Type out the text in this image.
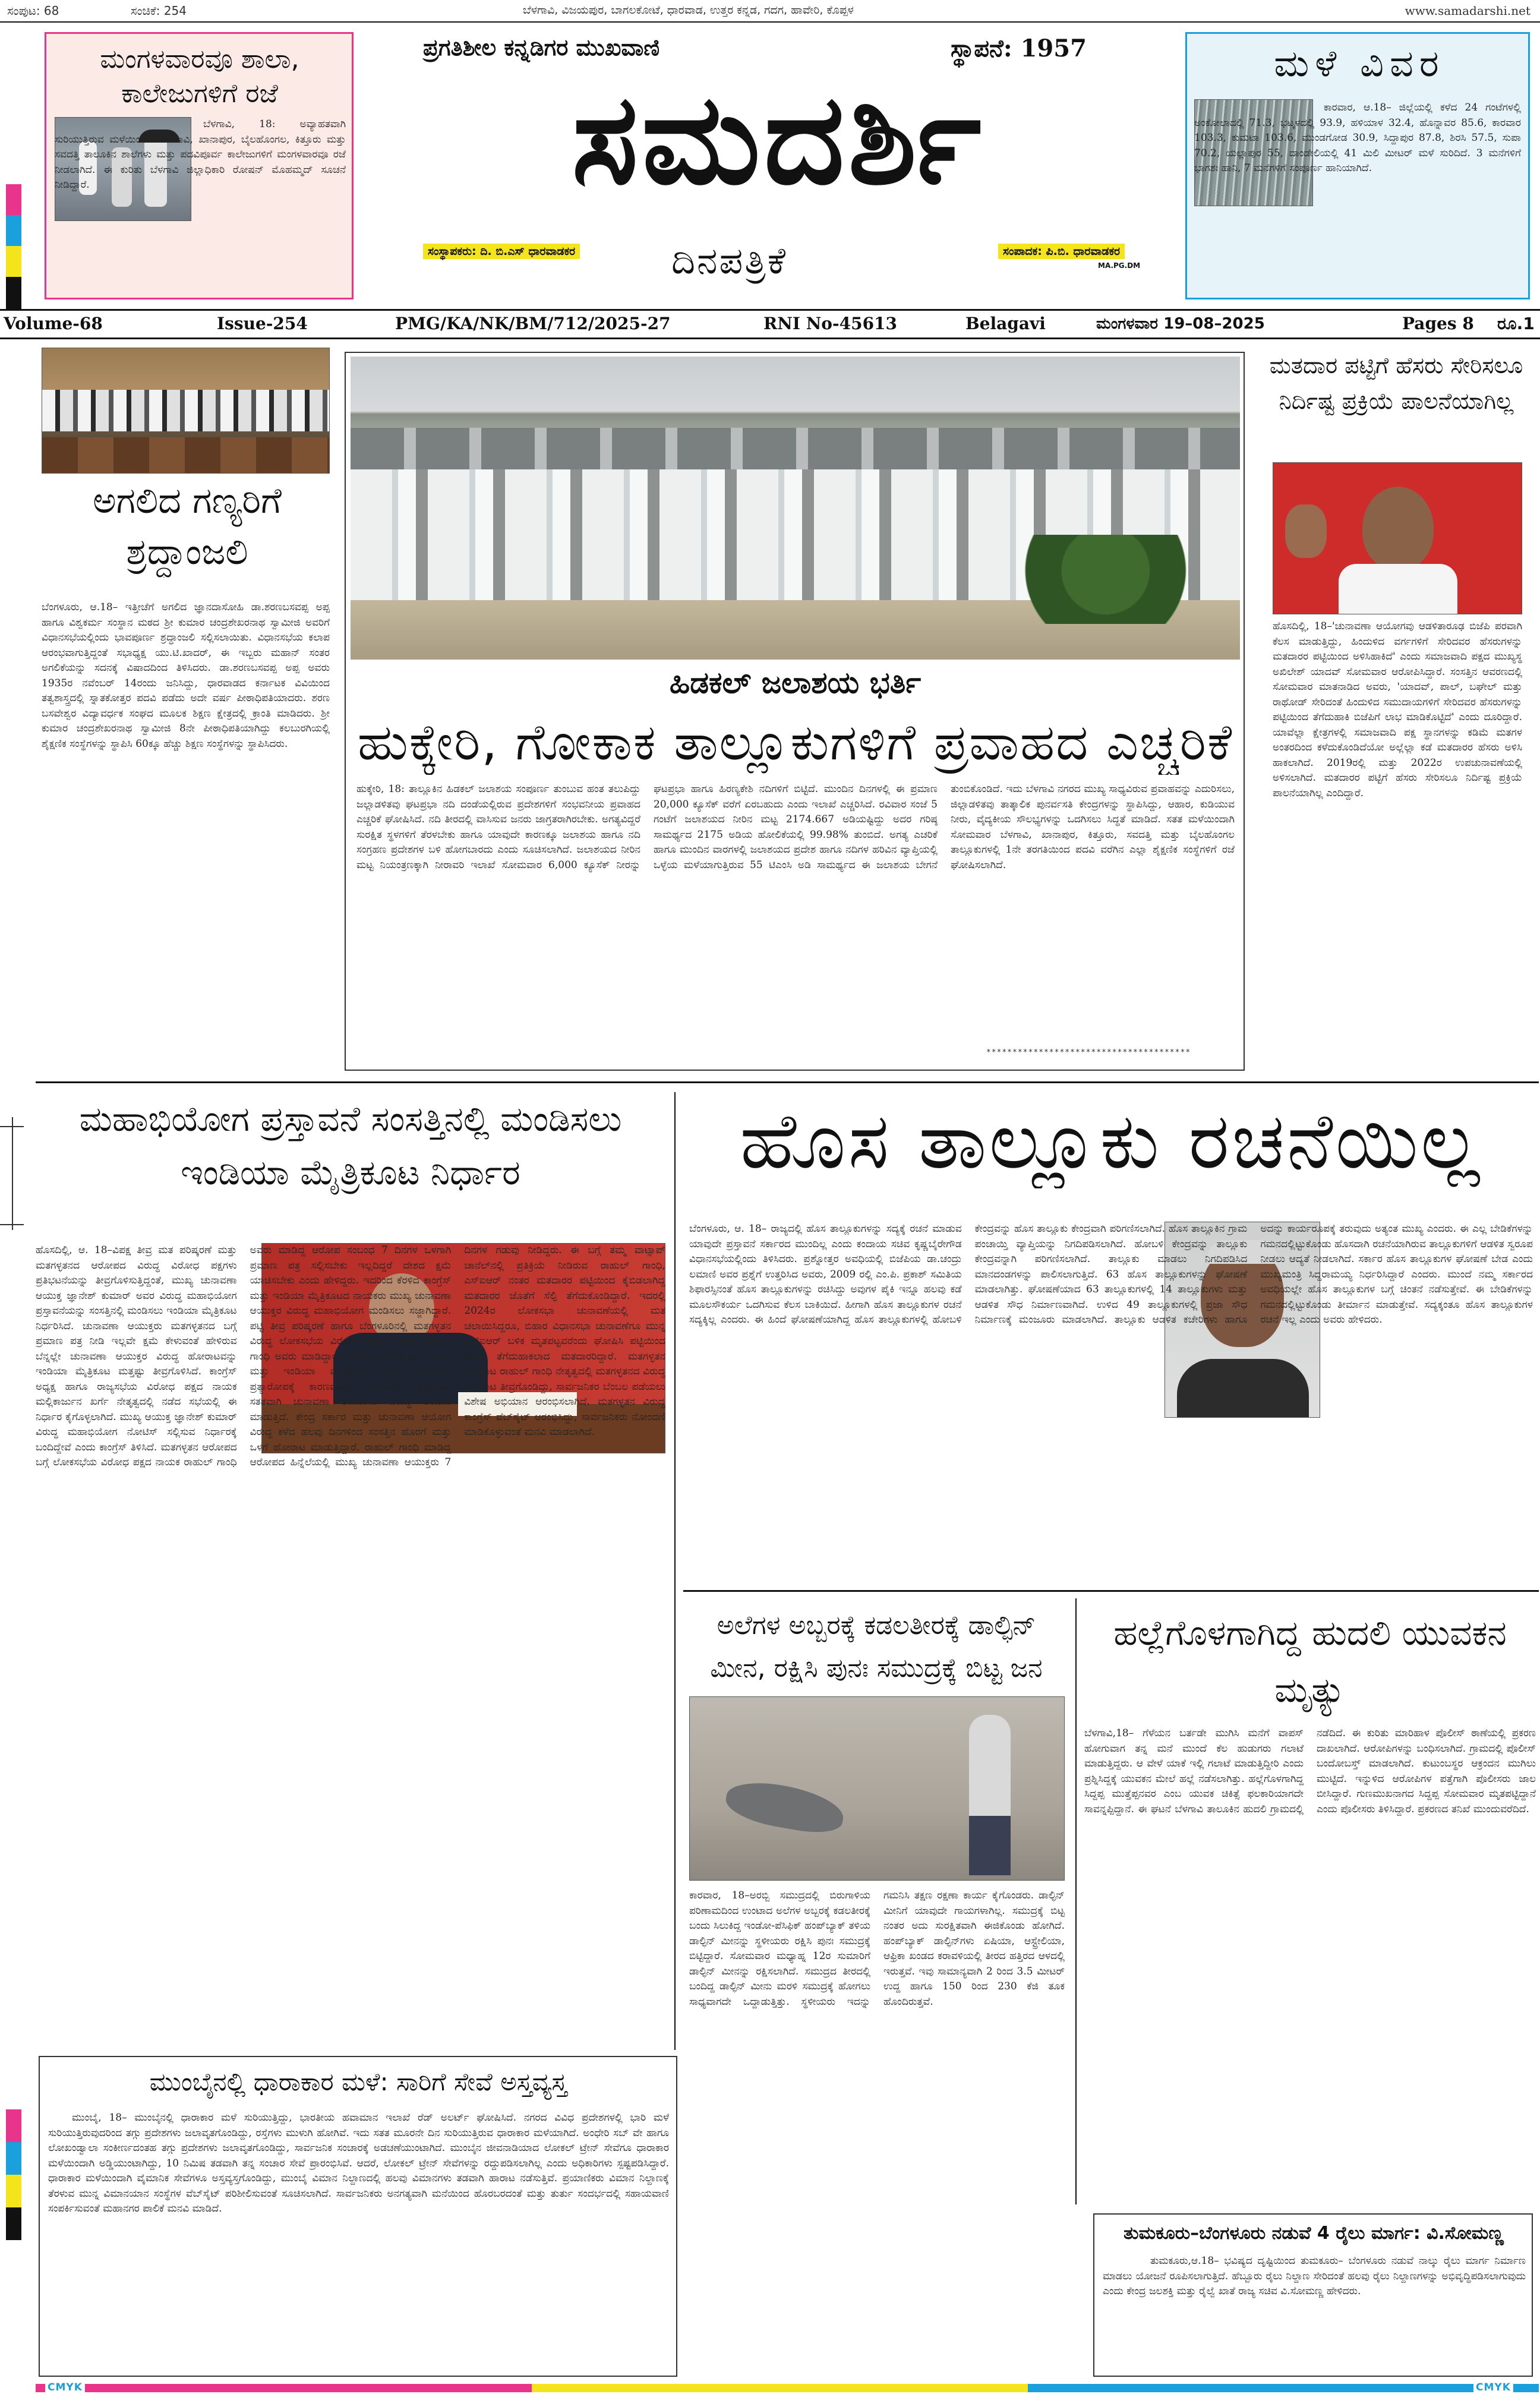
ಸಂಪುಟ: 68	ಸಂಚಿಕೆ: 254	ಬೆಳಗಾವಿ, ವಿಜಯಪುರ, ಬಾಗಲಕೋಟೆ, ಧಾರವಾಡ, ಉತ್ತರ ಕನ್ನಡ, ಗದಗ, ಹಾವೇರಿ, ಕೊಪ್ಪಳ	www.samadarshi.net
ಮಂಗಳವಾರವೂ ಶಾಲಾ, ಕಾಲೇಜುಗಳಿಗೆ ರಜೆ
ಬೆಳಗಾವಿ, 18: ಅವ್ಯಾಹತವಾಗಿ ಸುರಿಯುತ್ತಿರುವ ಮಳೆಯಿಂದಾಗಿ ಬೆಳಗಾವಿ, ಖಾನಾಪುರ, ಬೈಲಹೊಂಗಲ, ಕಿತ್ತೂರು ಮತ್ತು ಸವದತ್ತಿ ತಾಲೂಕಿನ ಶಾಲೆಗಳು ಮತ್ತು ಪದವಿಪೂರ್ವ ಕಾಲೇಜುಗಳಿಗೆ ಮಂಗಳವಾರವೂ ರಜೆ ನೀಡಲಾಗಿದೆ. ಈ ಕುರಿತು ಬೆಳಗಾವಿ ಜಿಲ್ಲಾಧಿಕಾರಿ ರೋಷನ್ ಮೊಹಮ್ಮದ್ ಸೂಚನೆ ನೀಡಿದ್ದಾರೆ.
ಪ್ರಗತಿಶೀಲ ಕನ್ನಡಿಗರ ಮುಖವಾಣಿ	ಸ್ಥಾಪನೆ: 1957
ಸಮದರ್ಶಿ
ಸಂಸ್ಥಾಪಕರು: ದಿ. ಬಿ.ಎಸ್ ಧಾರವಾಡಕರ	ದಿನಪತ್ರಿಕೆ	ಸಂಪಾದಕ: ಪಿ.ಬಿ. ಧಾರವಾಡಕರ
MA.PG.DM
ಮಳೆ ವಿವರ
ಕಾರವಾರ, ಆ.18– ಜಿಲ್ಲೆಯಲ್ಲಿ ಕಳೆದ 24 ಗಂಟೆಗಳಲ್ಲಿ ಅಂಕೋಲಾದಲ್ಲಿ 71.3, ಭಟ್ಕಳದಲ್ಲಿ 93.9, ಹಳಿಯಾಳ 32.4, ಹೊನ್ನಾವರ 85.6, ಕಾರವಾರ 103.3, ಕುಮಟಾ 103.6, ಮುಂಡಗೋಡ 30.9, ಸಿದ್ದಾಪುರ 87.8, ಶಿರಸಿ 57.5, ಸುಪಾ 70.2, ಯಲ್ಲಾಪುರ 55, ದಾಂಡೇಲಿಯಲ್ಲಿ 41 ಮಿಲಿ ಮೀಟರ್ ಮಳೆ ಸುರಿದಿದೆ. 3 ಮನೆಗಳಿಗೆ ಭಾಗಶಃ ಹಾನಿ, 7 ಮನೆಗಳಿಗೆ ಸಂಪೂರ್ಣ ಹಾನಿಯಾಗಿದೆ.
Volume-68	Issue-254	PMG/KA/NK/BM/712/2025-27	RNI No-45613	Belagavi	ಮಂಗಳವಾರ 19–08–2025	Pages 8 ರೂ.1
ಅಗಲಿದ ಗಣ್ಯರಿಗೆ ಶ್ರದ್ಧಾಂಜಲಿ
ಬೆಂಗಳೂರು, ಆ.18– ಇತ್ತೀಚೆಗೆ ಅಗಲಿದ ಜ್ಞಾನದಾಸೋಹಿ ಡಾ.ಶರಣಬಸವಪ್ಪ ಅಪ್ಪ ಹಾಗೂ ವಿಶ್ವಕರ್ಮ ಸಂಸ್ಥಾನ ಮಠದ ಶ್ರೀ ಕುಮಾರ ಚಂದ್ರಶೇಖರನಾಥ ಸ್ವಾಮೀಜಿ ಅವರಿಗೆ ವಿಧಾನಸಭೆಯಲ್ಲಿಂದು ಭಾವಪೂರ್ಣ ಶ್ರದ್ಧಾಂಜಲಿ ಸಲ್ಲಿಸಲಾಯಿತು. ವಿಧಾನಸಭೆಯ ಕಲಾಪ ಆರಂಭವಾಗುತ್ತಿದ್ದಂತೆ ಸಭಾಧ್ಯಕ್ಷ ಯು.ಟಿ.ಖಾದರ್, ಈ ಇಬ್ಬರು ಮಹಾನ್ ಸಂತರ ಅಗಲಿಕೆಯನ್ನು ಸದನಕ್ಕೆ ವಿಷಾದದಿಂದ ತಿಳಿಸಿದರು. ಡಾ.ಶರಣಬಸವಪ್ಪ ಅಪ್ಪ ಅವರು 1935ರ ನವೆಂಬರ್ 14ರಂದು ಜನಿಸಿದ್ದು, ಧಾರವಾಡದ ಕರ್ನಾಟಕ ವಿವಿಯಿಂದ ತತ್ವಶಾಸ್ತ್ರದಲ್ಲಿ ಸ್ನಾತಕೋತ್ತರ ಪದವಿ ಪಡೆದು ಅದೇ ವರ್ಷ ಪೀಠಾಧಿಪತಿಯಾದರು. ಶರಣ ಬಸವೇಶ್ವರ ವಿದ್ಯಾವರ್ಧಕ ಸಂಘದ ಮೂಲಕ ಶಿಕ್ಷಣ ಕ್ಷೇತ್ರದಲ್ಲಿ ಕ್ರಾಂತಿ ಮಾಡಿದರು. ಶ್ರೀ ಕುಮಾರ ಚಂದ್ರಶೇಖರನಾಥ ಸ್ವಾಮೀಜಿ 8ನೇ ಪೀಠಾಧಿಪತಿಯಾಗಿದ್ದು ಕಲಬುರಗಿಯಲ್ಲಿ ಶೈಕ್ಷಣಿಕ ಸಂಸ್ಥೆಗಳನ್ನು ಸ್ಥಾಪಿಸಿ 60ಕ್ಕೂ ಹೆಚ್ಚು ಶಿಕ್ಷಣ ಸಂಸ್ಥೆಗಳನ್ನು ಸ್ಥಾಪಿಸಿದರು.
ಹಿಡಕಲ್ ಜಲಾಶಯ ಭರ್ತಿ
ಹುಕ್ಕೇರಿ, ಗೋಕಾಕ ತಾಲ್ಲೂಕುಗಳಿಗೆ ಪ್ರವಾಹದ ಎಚ್ಚರಿಕೆ
ಹುಕ್ಕೇರಿ, 18: ತಾಲ್ಲೂಕಿನ ಹಿಡಕಲ್ ಜಲಾಶಯ ಸಂಪೂರ್ಣ ತುಂಬುವ ಹಂತ ತಲುಪಿದ್ದು ಜಲ್ಲಾಡಳಿತವು ಘಟಪ್ರಭಾ ನದಿ ದಂಡೆಯಲ್ಲಿರುವ ಪ್ರದೇಶಗಳಿಗೆ ಸಂಭವನೀಯ ಪ್ರವಾಹದ ಎಚ್ಚರಿಕೆ ಘೋಷಿಸಿದೆ. ನದಿ ತೀರದಲ್ಲಿ ವಾಸಿಸುವ ಜನರು ಜಾಗ್ರತರಾಗಿರಬೇಕು. ಅಗತ್ಯವಿದ್ದರೆ ಸುರಕ್ಷಿತ ಸ್ಥಳಗಳಿಗೆ ತೆರಳಬೇಕು ಹಾಗೂ ಯಾವುದೇ ಕಾರಣಕ್ಕೂ ಜಲಾಶಯ ಹಾಗೂ ನದಿ ಸಂಗ್ರಹಣ ಪ್ರದೇಶಗಳ ಬಳಿ ಹೋಗಬಾರದು ಎಂದು ಸೂಚಿಸಲಾಗಿದೆ. ಜಲಾಶಯದ ನೀರಿನ ಮಟ್ಟ ನಿಯಂತ್ರಣಕ್ಕಾಗಿ ನೀರಾವರಿ ಇಲಾಖೆ ಸೋಮವಾರ 6,000 ಕ್ಯೂಸೆಕ್ ನೀರನ್ನು ಘಟಪ್ರಭಾ ಹಾಗೂ ಹಿರಣ್ಯಕೇಶಿ ನದಿಗಳಿಗೆ ಬಿಟ್ಟಿದೆ. ಮುಂದಿನ ದಿನಗಳಲ್ಲಿ ಈ ಪ್ರಮಾಣ 20,000 ಕ್ಯೂಸೆಕ್ ವರೆಗೆ ಏರಬಹುದು ಎಂದು ಇಲಾಖೆ ಎಚ್ಚರಿಸಿದೆ. ರವಿವಾರ ಸಂಜೆ 5 ಗಂಟೆಗೆ ಜಲಾಶಯದ ನೀರಿನ ಮಟ್ಟ 2174.667 ಅಡಿಯಷ್ಟಿದ್ದು ಅದರ ಗರಿಷ್ಠ ಸಾಮರ್ಥ್ಯದ 2175 ಅಡಿಯ ಹೋಲಿಕೆಯಲ್ಲಿ 99.98% ತುಂಬಿದೆ. ಅಗತ್ಯ ಎಚರಿಕೆ ಹಾಗೂ ಮುಂದಿನ ವಾರಗಳಲ್ಲಿ ಜಲಾಶಯದ ಪ್ರದೇಶ ಹಾಗೂ ನದಿಗಳ ಹರಿವಿನ ವ್ಯಾಪ್ತಿಯಲ್ಲಿ ಒಳ್ಳೆಯ ಮಳೆಯಾಗುತ್ತಿರುವ 55 ಟಿಎಂಸಿ ಅಡಿ ಸಾಮರ್ಥ್ಯದ ಈ ಜಲಾಶಯ ಬೇಗನೆ ತುಂಬಿಕೊಂಡಿದೆ. ಇದು ಬೆಳಗಾವಿ ನಗರದ ಮುಖ್ಯ ಸಾಧ್ಯವಿರುವ ಪ್ರವಾಹವನ್ನು ಎದುರಿಸಲು, ಜಿಲ್ಲಾಡಳಿತವು ತಾತ್ಕಾಲಿಕ ಪುನರ್ವಸತಿ ಕೇಂದ್ರಗಳನ್ನು ಸ್ಥಾಪಿಸಿದ್ದು, ಆಹಾರ, ಕುಡಿಯುವ ನೀರು, ವೈದ್ಯಕೀಯ ಸೌಲಭ್ಯಗಳನ್ನು ಒದಗಿಸಲು ಸಿದ್ಧತೆ ಮಾಡಿದೆ. ಸತತ ಮಳೆಯಿಂದಾಗಿ ಸೋಮವಾರ ಬೆಳಗಾವಿ, ಖಾನಾಪುರ, ಕಿತ್ತೂರು, ಸವದತ್ತಿ ಮತ್ತು ಬೈಲಹೊಂಗಲ ತಾಲ್ಲೂಕುಗಳಲ್ಲಿ 1ನೇ ತರಗತಿಯಿಂದ ಪದವಿ ವರೆಗಿನ ಎಲ್ಲಾ ಶೈಕ್ಷಣಿಕ ಸಂಸ್ಥೆಗಳಿಗೆ ರಜೆ ಘೋಷಿಸಲಾಗಿದೆ.
***************************************
ಮತದಾರ ಪಟ್ಟಿಗೆ ಹೆಸರು ಸೇರಿಸಲೂ ನಿರ್ದಿಷ್ಟ ಪ್ರಕ್ರಿಯೆ ಪಾಲನೆಯಾಗಿಲ್ಲ
ಹೊಸದಿಲ್ಲಿ, 18–'ಚುನಾವಣಾ ಆಯೋಗವು ಆಡಳಿತಾರೂಢ ಬಿಜೆಪಿ ಪರವಾಗಿ ಕೆಲಸ ಮಾಡುತ್ತಿದ್ದು, ಹಿಂದುಳಿದ ವರ್ಗಗಳಿಗೆ ಸೇರಿದವರ ಹೆಸರುಗಳನ್ನು ಮತದಾರರ ಪಟ್ಟಿಯಿಂದ ಅಳಿಸಿಹಾಕಿದೆ' ಎಂದು ಸಮಾಜವಾದಿ ಪಕ್ಷದ ಮುಖ್ಯಸ್ಥ ಅಖಿಲೇಶ್ ಯಾದವ್ ಸೋಮವಾರ ಆರೋಪಿಸಿದ್ದಾರೆ. ಸಂಸತ್ತಿನ ಆವರಣದಲ್ಲಿ ಸೋಮವಾರ ಮಾತನಾಡಿದ ಅವರು, 'ಯಾದವ್, ಪಾಲ್, ಬಘೇಲ್ ಮತ್ತು ರಾಥೋಡ್ ಸೇರಿದಂತೆ ಹಿಂದುಳಿದ ಸಮುದಾಯಗಳಿಗೆ ಸೇರಿದವರ ಹೆಸರುಗಳನ್ನು ಪಟ್ಟಿಯಿಂದ ತೆಗೆದುಹಾಕಿ ಬಿಜೆಪಿಗೆ ಲಾಭ ಮಾಡಿಕೊಟ್ಟಿದೆ' ಎಂದು ದೂರಿದ್ದಾರೆ. ಯಾವೆಲ್ಲಾ ಕ್ಷೇತ್ರಗಳಲ್ಲಿ ಸಮಾಜವಾದಿ ಪಕ್ಷ ಸ್ಥಾನಗಳನ್ನು ಕಡಿಮೆ ಮತಗಳ ಅಂತರದಿಂದ ಕಳೆದುಕೊಂಡಿದೆಯೋ ಅಲ್ಲೆಲ್ಲಾ ಕಡೆ ಮತದಾರರ ಹೆಸರು ಅಳಿಸಿ ಹಾಕಲಾಗಿದೆ. 2019ರಲ್ಲಿ ಮತ್ತು 2022ರ ಉಪಚುನಾವಣೆಯಲ್ಲಿ ಅಳಿಸಲಾಗಿದೆ. ಮತದಾರರ ಪಟ್ಟಿಗೆ ಹೆಸರು ಸೇರಿಸಲೂ ನಿರ್ದಿಷ್ಟ ಪ್ರಕ್ರಿಯೆ ಪಾಲನೆಯಾಗಿಲ್ಲ ಎಂದಿದ್ದಾರೆ.
ಮಹಾಭಿಯೋಗ ಪ್ರಸ್ತಾವನೆ ಸಂಸತ್ತಿನಲ್ಲಿ ಮಂಡಿಸಲು ಇಂಡಿಯಾ ಮೈತ್ರಿಕೂಟ ನಿರ್ಧಾರ
ಹೊಸದಿಲ್ಲಿ, ಆ. 18–ವಿಪಕ್ಷ ತೀವ್ರ ಮತ ಪರಿಷ್ಕರಣೆ ಮತ್ತು ಮತಗಳ್ಳತನದ ಆರೋಪದ ವಿರುದ್ಧ ವಿರೋಧ ಪಕ್ಷಗಳು ಪ್ರತಿಭಟನೆಯನ್ನು ತೀವ್ರಗೊಳಿಸುತ್ತಿದ್ದಂತೆ, ಮುಖ್ಯ ಚುನಾವಣಾ ಆಯುಕ್ತ ಜ್ಞಾನೇಶ್ ಕುಮಾರ್ ಅವರ ವಿರುದ್ಧ ಮಹಾಭಿಯೋಗ ಪ್ರಸ್ತಾವನೆಯನ್ನು ಸಂಸತ್ತಿನಲ್ಲಿ ಮಂಡಿಸಲು ಇಂಡಿಯಾ ಮೈತ್ರಿಕೂಟ ನಿರ್ಧರಿಸಿದೆ. ಚುನಾವಣಾ ಆಯುಕ್ತರು ಮತಗಳ್ಳತನದ ಬಗ್ಗೆ ಪ್ರಮಾಣ ಪತ್ರ ನೀಡಿ ಇಲ್ಲವೇ ಕ್ಷಮೆ ಕೇಳುವಂತೆ ಹೇಳಿರುವ ಬೆನ್ನಲ್ಲೇ ಚುನಾವಣಾ ಆಯುಕ್ತರ ವಿರುದ್ಧ ಹೋರಾಟವನ್ನು ಇಂಡಿಯಾ ಮೈತ್ರಿಕೂಟ ಮತ್ತಷ್ಟು ತೀವ್ರಗೊಳಿಸಿದೆ. ಕಾಂಗ್ರೆಸ್ ಅಧ್ಯಕ್ಷ ಹಾಗೂ ರಾಜ್ಯಸಭೆಯ ವಿರೋಧ ಪಕ್ಷದ ನಾಯಕ ಮಲ್ಲಿಕಾರ್ಜುನ ಖರ್ಗೆ ನೇತೃತ್ವದಲ್ಲಿ ನಡೆದ ಸಭೆಯಲ್ಲಿ ಈ ನಿರ್ಧಾರ ಕೈಗೊಳ್ಳಲಾಗಿದೆ. ಮುಖ್ಯ ಆಯುಕ್ತ ಜ್ಞಾನೇಶ್ ಕುಮಾರ್ ವಿರುದ್ಧ ಮಹಾಭಿಯೋಗ ನೋಟಿಸ್ ಸಲ್ಲಿಸುವ ನಿರ್ಧಾರಕ್ಕೆ ಬಂದಿದ್ದೇವೆ ಎಂದು ಕಾಂಗ್ರೆಸ್ ತಿಳಿಸಿದೆ. ಮತಗಳ್ಳತನ ಆರೋಪದ ಬಗ್ಗೆ ಲೋಕಸಭೆಯ ವಿರೋಧ ಪಕ್ಷದ ನಾಯಕ ರಾಹುಲ್ ಗಾಂಧಿ ಅವರು ಮಾಡಿದ್ದ ಆರೋಪ ಸಂಬಂಧ 7 ದಿನಗಳ ಒಳಗಾಗಿ ಪ್ರಮಾಣ ಪತ್ರ ಸಲ್ಲಿಸಬೇಕು ಇಲ್ಲದಿದ್ದರೆ ದೇಶದ ಕ್ಷಮೆ ಯಾಚಿಸಬೇಕು ಎಂದು ಹೇಳಿದ್ದರು. ಇದರಿಂದ ಕೆರಳಿದ ಕಾಂಗ್ರೆಸ್ ಮತ್ತು ಇಂಡಿಯಾ ಮೈತ್ರಿಕೂಟದ ನಾಯಕರು ಮುಖ್ಯ ಚುನಾವಣಾ ಆಯುಕ್ತರ ವಿರುದ್ಧ ಮಹಾಭಿಯೋಗ ಮಂಡಿಸಲು ಸಜ್ಜಾಗಿದ್ದಾರೆ. ಪಟ್ಟಿ ತೀವ್ರ ಪರಿಷ್ಕರಣೆ ಹಾಗೂ ಬೆಂಗಳೂರಿನಲ್ಲಿ ಮತಗಳ್ಳತನ ವಿರುದ್ಧ ಲೋಕಸಭೆಯ ವಿರೋಧ ಪಕ್ಷದ ನಾಯಕ ರಾಹುಲ್ ಗಾಂಧಿ ಅವರು ಮಾಡಿದ್ದಾರೆ. ಇದರಿಂದ ಚುನಾವಣಾ ಆಯೋಗ ಮತ್ತು ಇಂಡಿಯಾ ಮೈತ್ರಿಕೂಟದ ನಡುವೆ ಆರೋಪ ಪ್ರತ್ಯಾರೋಪಕ್ಕೆ ಕಾರಣವಾಗಿದೆ. ಇಂಡಿಯಾ ಮೈತ್ರಿಕೂಟ ಸತತವಾಗಿ ಚುನಾವಣಾ ಆಯೋಗದ ವಿರುದ್ಧ ಆರೋಪ ಮಾಡುತ್ತಿದೆ. ಕೇಂದ್ರ ಸರ್ಕಾರ ಮತ್ತು ಚುನಾವಣಾ ಆಯೋಗ ವಿರುದ್ಧ ಕಳೆದ ಹಲವು ದಿನಗಳಿಂದ ಸಂಸತ್ತಿನ ಹೊರಗೆ ಮತ್ತು ಒಳಗೆ ಹೋರಾಟ ಮಾಡುತ್ತಿದ್ದಾರೆ. ರಾಹುಲ್ ಗಾಂಧಿ ಮಾಡಿದ್ದ ಆರೋಪದ ಹಿನ್ನೆಲೆಯಲ್ಲಿ ಮುಖ್ಯ ಚುನಾವಣಾ ಆಯುಕ್ತರು 7 ದಿನಗಳ ಗಡುವು ನೀಡಿದ್ದರು. ಈ ಬಗ್ಗೆ ತಮ್ಮ ವಾಟ್ಸಾಪ್ ಚಾನೆಲ್‌ನಲ್ಲಿ ಪ್ರತಿಕ್ರಿಯೆ ನೀಡಿರುವ ರಾಹುಲ್ ಗಾಂಧಿ, ಎಸ್‌ಐಆರ್ ನಂತರ ಮತದಾರರ ಪಟ್ಟಿಯಿಂದ ಕೈಬಿಡಲಾಗಿದ್ದ ಮತದಾರರ ಜೊತೆಗೆ ಸೆಲ್ಫಿ ತೆಗೆದುಕೊಂಡಿದ್ದಾರೆ. ಇದರಲ್ಲಿ 2024ರ ಲೋಕಸಭಾ ಚುನಾವಣೆಯಲ್ಲಿ ಮತ ಚಲಾಯಿಸಿದ್ದರೂ, ಬಿಹಾರ ವಿಧಾನಸಭಾ ಚುನಾವಣೆಗೂ ಮುನ್ನ ಎಸ್‌ಐಆರ್ ಬಳಿಕ ಮೃತಪಟ್ಟವರೆಂದು ಘೋಷಿಸಿ ಪಟ್ಟಿಯಿಂದ ಹೆಸರು ತೆಗೆದುಹಾಕಲಾದ ಮತದಾರರಿದ್ದಾರೆ. ಮತಗಳ್ಳತನ ಹೋರಾಟ ರಾಹುಲ್ ಗಾಂಧಿ ನೇತೃತ್ವದಲ್ಲಿ ಮತಗಳ್ಳತನದ ವಿರುದ್ಧ ಹೋರಾಟ ತೀವ್ರಗೊಂಡಿದ್ದು, ಸಾರ್ವಜನಿಕರ ಬೆಂಬಲ ಪಡೆಯಲು ವಿಶೇಷ ಅಭಿಯಾನ ಆರಂಭಿಸಲಾಗಿದೆ. ಮತಗಳ್ಳತನ ವಿರುದ್ಧ ಕಾಂಗ್ರೆಸ್ ವೆಬ್‌ಸೈಟ್ ಆರಂಭಿಸಿದ್ದು, ಸಾರ್ವಜನಿಕರು ನೋಂದಣಿ ಮಾಡಿಕೊಳ್ಳುವಂತೆ ಮನವಿ ಮಾಡಲಾಗಿದೆ.
ಹೊಸ ತಾಲ್ಲೂಕು ರಚನೆಯಿಲ್ಲ
ಬೆಂಗಳೂರು, ಆ. 18– ರಾಜ್ಯದಲ್ಲಿ ಹೊಸ ತಾಲ್ಲೂಕುಗಳನ್ನು ಸದ್ಯಕ್ಕೆ ರಚನೆ ಮಾಡುವ ಯಾವುದೇ ಪ್ರಸ್ತಾವನೆ ಸರ್ಕಾರದ ಮುಂದಿಲ್ಲ ಎಂದು ಕಂದಾಯ ಸಚಿವ ಕೃಷ್ಣಬೈರೇಗೌಡ ವಿಧಾನಸಭೆಯಲ್ಲಿಂದು ತಿಳಿಸಿದರು. ಪ್ರಶ್ನೋತ್ತರ ಅವಧಿಯಲ್ಲಿ ಬಿಜೆಪಿಯ ಡಾ.ಚಂದ್ರು ಲಮಾಣಿ ಅವರ ಪ್ರಶ್ನೆಗೆ ಉತ್ತರಿಸಿದ ಅವರು, 2009 ರಲ್ಲಿ ಎಂ.ಪಿ. ಪ್ರಕಾಶ್ ಸಮಿತಿಯ ಶಿಫಾರಸ್ಸಿನಂತೆ ಹೊಸ ತಾಲ್ಲೂಕುಗಳನ್ನು ರಚಿಸಿದ್ದು ಅವುಗಳ ಪೈಕಿ ಇನ್ನೂ ಹಲವು ಕಡೆ ಮೂಲಸೌಕರ್ಯ ಒದಗಿಸುವ ಕೆಲಸ ಬಾಕಿಯಿದೆ. ಹೀಗಾಗಿ ಹೊಸ ತಾಲ್ಲೂಕುಗಳ ರಚನೆ ಸದ್ಯಕ್ಕಿಲ್ಲ ಎಂದರು. ಈ ಹಿಂದೆ ಘೋಷಣೆಯಾಗಿದ್ದ ಹೊಸ ತಾಲ್ಲೂಕುಗಳಲ್ಲಿ ಹೋಬಳಿ ಕೇಂದ್ರವನ್ನು ಹೊಸ ತಾಲ್ಲೂಕು ಕೇಂದ್ರವಾಗಿ ಪರಿಗಣಿಸಲಾಗಿದೆ. ಹೊಸ ತಾಲ್ಲೂಕಿನ ಗ್ರಾಮ ಪಂಚಾಯ್ತಿ ವ್ಯಾಪ್ತಿಯನ್ನು ನಿಗದಿಪಡಿಸಲಾಗಿದೆ. ಹೋಬಳಿ ಕೇಂದ್ರವನ್ನು ತಾಲ್ಲೂಕು ಕೇಂದ್ರವನ್ನಾಗಿ ಪರಿಗಣಿಸಲಾಗಿದೆ. ತಾಲ್ಲೂಕು ಮಾಡಲು ನಿಗದಿಪಡಿಸಿದ ಮಾನದಂಡಗಳನ್ನು ಪಾಲಿಸಲಾಗುತ್ತಿದೆ. 63 ಹೊಸ ತಾಲ್ಲೂಕುಗಳನ್ನು ಘೋಷಣೆ ಮಾಡಲಾಗಿತ್ತು. ಘೋಷಣೆಯಾದ 63 ತಾಲ್ಲೂಕುಗಳಲ್ಲಿ 14 ತಾಲ್ಲೂಕುಗಳು ಮತ್ತು ಆಡಳಿತ ಸೌಧ ನಿರ್ಮಾಣವಾಗಿದೆ. ಉಳಿದ 49 ತಾಲ್ಲೂಕುಗಳಲ್ಲಿ ಪ್ರಜಾ ಸೌಧ ನಿರ್ಮಾಣಕ್ಕೆ ಮಂಜೂರು ಮಾಡಲಾಗಿದೆ. ತಾಲ್ಲೂಕು ಆಡಳಿತ ಕಚೇರಿಗಳು ಹಾಗೂ ಅದನ್ನು ಕಾರ್ಯರೂಪಕ್ಕೆ ತರುವುದು ಅತ್ಯಂತ ಮುಖ್ಯ ಎಂದರು. ಈ ಎಲ್ಲ ಬೇಡಿಕೆಗಳನ್ನು ಗಮನದಲ್ಲಿಟ್ಟುಕೊಂಡು ಹೊಸದಾಗಿ ರಚನೆಯಾಗಿರುವ ತಾಲ್ಲೂಕುಗಳಿಗೆ ಆಡಳಿತ ಸ್ವರೂಪ ನೀಡಲು ಆದ್ಯತೆ ನೀಡಲಾಗಿದೆ. ಸರ್ಕಾರ ಹೊಸ ತಾಲ್ಲೂಕುಗಳ ಘೋಷಣೆ ಬೇಡ ಎಂದು ಮುಖ್ಯಮಂತ್ರಿ ಸಿದ್ದರಾಮಯ್ಯ ನಿರ್ಧರಿಸಿದ್ದಾರೆ ಎಂದರು. ಮುಂದೆ ನಮ್ಮ ಸರ್ಕಾರದ ಅವಧಿಯಲ್ಲೇ ಹೊಸ ತಾಲ್ಲೂಕುಗಳ ಬಗ್ಗೆ ಚಿಂತನೆ ನಡೆಸುತ್ತೇವೆ. ಈ ಬೇಡಿಕೆಗಳನ್ನು ಗಮನದಲ್ಲಿಟ್ಟುಕೊಂಡು ತೀರ್ಮಾನ ಮಾಡುತ್ತೇವೆ. ಸದ್ಯಕ್ಕಂತೂ ಹೊಸ ತಾಲ್ಲೂಕುಗಳ ರಚನೆ ಇಲ್ಲ ಎಂದು ಅವರು ಹೇಳಿದರು.
ಅಲೆಗಳ ಅಬ್ಬರಕ್ಕೆ ಕಡಲತೀರಕ್ಕೆ ಡಾಲ್ಫಿನ್ ಮೀನ, ರಕ್ಷಿಸಿ ಪುನಃ ಸಮುದ್ರಕ್ಕೆ ಬಿಟ್ಟ ಜನ
ಕಾರವಾರ, 18–ಅರಬ್ಬಿ ಸಮುದ್ರದಲ್ಲಿ ಬಿರುಗಾಳಿಯ ಪರಿಣಾಮದಿಂದ ಉಂಟಾದ ಅಲೆಗಳ ಅಬ್ಬರಕ್ಕೆ ಕಡಲತೀರಕ್ಕೆ ಬಂದು ಸಿಲುಕಿದ್ದ ಇಂಡೋ-ಪೆಸಿಫಿಕ್ ಹಂಪ್‌ಬ್ಯಾಕ್ ತಳಿಯ ಡಾಲ್ಫಿನ್ ಮೀನನ್ನು ಸ್ಥಳೀಯರು ರಕ್ಷಿಸಿ ಪುನಃ ಸಮುದ್ರಕ್ಕೆ ಬಿಟ್ಟಿದ್ದಾರೆ. ಸೋಮವಾರ ಮಧ್ಯಾಹ್ನ 12ರ ಸುಮಾರಿಗೆ ಡಾಲ್ಫಿನ್ ಮೀನನ್ನು ರಕ್ಷಿಸಲಾಗಿದೆ. ಸಮುದ್ರದ ತೀರದಲ್ಲಿ ಬಂದಿದ್ದ ಡಾಲ್ಫಿನ್ ಮೀನು ಮರಳಿ ಸಮುದ್ರಕ್ಕೆ ಹೋಗಲು ಸಾಧ್ಯವಾಗದೇ ಒದ್ದಾಡುತ್ತಿತ್ತು. ಸ್ಥಳೀಯರು ಇದನ್ನು ಗಮನಿಸಿ ತಕ್ಷಣ ರಕ್ಷಣಾ ಕಾರ್ಯ ಕೈಗೊಂಡರು. ಡಾಲ್ಫಿನ್ ಮೀನಿಗೆ ಯಾವುದೇ ಗಾಯಗಳಾಗಿಲ್ಲ. ಸಮುದ್ರಕ್ಕೆ ಬಿಟ್ಟ ನಂತರ ಅದು ಸುರಕ್ಷಿತವಾಗಿ ಈಜಿಕೊಂಡು ಹೋಗಿದೆ. ಹಂಪ್‌ಬ್ಯಾಕ್ ಡಾಲ್ಫಿನ್‌ಗಳು ಏಷಿಯಾ, ಆಸ್ಟ್ರೇಲಿಯಾ, ಆಫ್ರಿಕಾ ಖಂಡದ ಕರಾವಳಿಯಲ್ಲಿ ತೀರದ ಹತ್ತಿರದ ಆಳದಲ್ಲಿ ಇರುತ್ತವೆ. ಇವು ಸಾಮಾನ್ಯವಾಗಿ 2 ರಿಂದ 3.5 ಮೀಟರ್ ಉದ್ದ ಹಾಗೂ 150 ರಿಂದ 230 ಕೆಜಿ ತೂಕ ಹೊಂದಿರುತ್ತವೆ.
ಹಲ್ಲೆಗೊಳಗಾಗಿದ್ದ ಹುದಲಿ ಯುವಕನ ಮೃತ್ಯು
ಬೆಳಗಾವಿ,18– ಗೆಳೆಯನ ಬರ್ತಡೇ ಮುಗಿಸಿ ಮನೆಗೆ ವಾಪಸ್ ಹೋಗುವಾಗ ತನ್ನ ಮನೆ ಮುಂದೆ ಕೆಲ ಹುಡುಗರು ಗಲಾಟೆ ಮಾಡುತ್ತಿದ್ದರು. ಆ ವೇಳೆ ಯಾಕೆ ಇಲ್ಲಿ ಗಲಾಟೆ ಮಾಡುತ್ತಿದ್ದೀರಿ ಎಂದು ಪ್ರಶ್ನಿಸಿದ್ದಕ್ಕೆ ಯುವಕನ ಮೇಲೆ ಹಲ್ಲೆ ನಡೆಸಲಾಗಿತ್ತು. ಹಲ್ಲೆಗೊಳಗಾಗಿದ್ದ ಸಿದ್ದಪ್ಪ ಮುತ್ತೆಪ್ಪನವರ ಎಂಬ ಯುವಕ ಚಿಕಿತ್ಸೆ ಫಲಕಾರಿಯಾಗದೇ ಸಾವನ್ನಪ್ಪಿದ್ದಾನೆ. ಈ ಘಟನೆ ಬೆಳಗಾವಿ ತಾಲೂಕಿನ ಹುದಲಿ ಗ್ರಾಮದಲ್ಲಿ ನಡೆದಿದೆ. ಈ ಕುರಿತು ಮಾರಿಹಾಳ ಪೊಲೀಸ್ ಠಾಣೆಯಲ್ಲಿ ಪ್ರಕರಣ ದಾಖಲಾಗಿದೆ. ಆರೋಪಿಗಳನ್ನು ಬಂಧಿಸಲಾಗಿದೆ. ಗ್ರಾಮದಲ್ಲಿ ಪೊಲೀಸ್ ಬಂದೋಬಸ್ತ್ ಮಾಡಲಾಗಿದೆ. ಕುಟುಂಬಸ್ಥರ ಆಕ್ರಂದನ ಮುಗಿಲು ಮುಟ್ಟಿದೆ. ಇನ್ನುಳಿದ ಆರೋಪಿಗಳ ಪತ್ತೆಗಾಗಿ ಪೊಲೀಸರು ಜಾಲ ಬೀಸಿದ್ದಾರೆ. ಗುಣಮುಖನಾಗದ ಸಿದ್ದಪ್ಪ ಸೋಮವಾರ ಮೃತಪಟ್ಟಿದ್ದಾನೆ ಎಂದು ಪೊಲೀಸರು ತಿಳಿಸಿದ್ದಾರೆ. ಪ್ರಕರಣದ ತನಿಖೆ ಮುಂದುವರೆದಿದೆ.
ಮುಂಬೈನಲ್ಲಿ ಧಾರಾಕಾರ ಮಳೆ: ಸಾರಿಗೆ ಸೇವೆ ಅಸ್ತವ್ಯಸ್ತ
ಮುಂಬೈ, 18– ಮುಂಬೈನಲ್ಲಿ ಧಾರಾಕಾರ ಮಳೆ ಸುರಿಯುತ್ತಿದ್ದು, ಭಾರತೀಯ ಹವಾಮಾನ ಇಲಾಖೆ ರೆಡ್ ಅಲರ್ಟ್ ಘೋಷಿಸಿದೆ. ನಗರದ ವಿವಿಧ ಪ್ರದೇಶಗಳಲ್ಲಿ ಭಾರಿ ಮಳೆ ಸುರಿಯುತ್ತಿರುವುದರಿಂದ ತಗ್ಗು ಪ್ರದೇಶಗಳು ಜಲಾವೃತಗೊಂಡಿದ್ದು, ರಸ್ತೆಗಳು ಮುಳುಗಿ ಹೋಗಿವೆ. ಇದು ಸತತ ಮೂರನೇ ದಿನ ಸುರಿಯುತ್ತಿರುವ ಧಾರಾಕಾರ ಮಳೆಯಾಗಿದೆ. ಅಂಧೇರಿ ಸಬ್ ವೇ ಹಾಗೂ ಲೋಖಂಡ್ವಾಲಾ ಸಂಕೀರ್ಣದಂತಹ ತಗ್ಗು ಪ್ರದೇಶಗಳು ಜಲಾವೃತಗೊಂಡಿದ್ದು, ಸಾರ್ವಜನಿಕ ಸಂಚಾರಕ್ಕೆ ಅಡಚಣೆಯುಂಟಾಗಿದೆ. ಮುಂಬೈನ ಜೀವನಾಡಿಯಾದ ಲೋಕಲ್ ಟ್ರೇನ್ ಸೇವೆಗೂ ಧಾರಾಕಾರ ಮಳೆಯಿಂದಾಗಿ ಅಡ್ಡಿಯುಂಟಾಗಿದ್ದು, 10 ನಿಮಿಷ ತಡವಾಗಿ ತನ್ನ ಸಂಚಾರ ಸೇವೆ ಪ್ರಾರಂಭಿಸಿವೆ. ಆದರೆ, ಲೋಕಲ್ ಟ್ರೇನ್ ಸೇವೆಗಳನ್ನು ರದ್ದುಪಡಿಸಲಾಗಿಲ್ಲ ಎಂದು ಅಧಿಕಾರಿಗಳು ಸ್ಪಷ್ಟಪಡಿಸಿದ್ದಾರೆ. ಧಾರಾಕಾರ ಮಳೆಯಿಂದಾಗಿ ವೈಮಾನಿಕ ಸೇವೆಗಳೂ ಅಸ್ತವ್ಯಸ್ತಗೊಂಡಿದ್ದು, ಮುಂಬೈ ವಿಮಾನ ನಿಲ್ದಾಣದಲ್ಲಿ ಹಲವು ವಿಮಾನಗಳು ತಡವಾಗಿ ಹಾರಾಟ ನಡೆಸುತ್ತಿವೆ. ಪ್ರಯಾಣಿಕರು ವಿಮಾನ ನಿಲ್ದಾಣಕ್ಕೆ ತೆರಳುವ ಮುನ್ನ ವಿಮಾನಯಾನ ಸಂಸ್ಥೆಗಳ ವೆಬ್‌ಸೈಟ್ ಪರಿಶೀಲಿಸುವಂತೆ ಸೂಚಿಸಲಾಗಿದೆ. ಸಾರ್ವಜನಿಕರು ಅನಗತ್ಯವಾಗಿ ಮನೆಯಿಂದ ಹೊರಬರದಂತೆ ಮತ್ತು ತುರ್ತು ಸಂದರ್ಭದಲ್ಲಿ ಸಹಾಯವಾಣಿ ಸಂಪರ್ಕಿಸುವಂತೆ ಮಹಾನಗರ ಪಾಲಿಕೆ ಮನವಿ ಮಾಡಿದೆ.
ತುಮಕೂರು–ಬೆಂಗಳೂರು ನಡುವೆ 4 ರೈಲು ಮಾರ್ಗ: ವಿ.ಸೋಮಣ್ಣ
ತುಮಕೂರು,ಆ.18– ಭವಿಷ್ಯದ ದೃಷ್ಟಿಯಿಂದ ತುಮಕೂರು– ಬೆಂಗಳೂರು ನಡುವೆ ನಾಲ್ಕು ರೈಲು ಮಾರ್ಗ ನಿರ್ಮಾಣ ಮಾಡಲು ಯೋಜನೆ ರೂಪಿಸಲಾಗುತ್ತಿದೆ. ಹೆಬ್ಬೂರು ರೈಲು ನಿಲ್ದಾಣ ಸೇರಿದಂತೆ ಹಲವು ರೈಲು ನಿಲ್ದಾಣಗಳನ್ನು ಅಭಿವೃದ್ಧಿಪಡಿಸಲಾಗುವುದು ಎಂದು ಕೇಂದ್ರ ಜಲಶಕ್ತಿ ಮತ್ತು ರೈಲ್ವೆ ಖಾತೆ ರಾಜ್ಯ ಸಚಿವ ವಿ.ಸೋಮಣ್ಣ ಹೇಳಿದರು.
CMYK	CMYK
